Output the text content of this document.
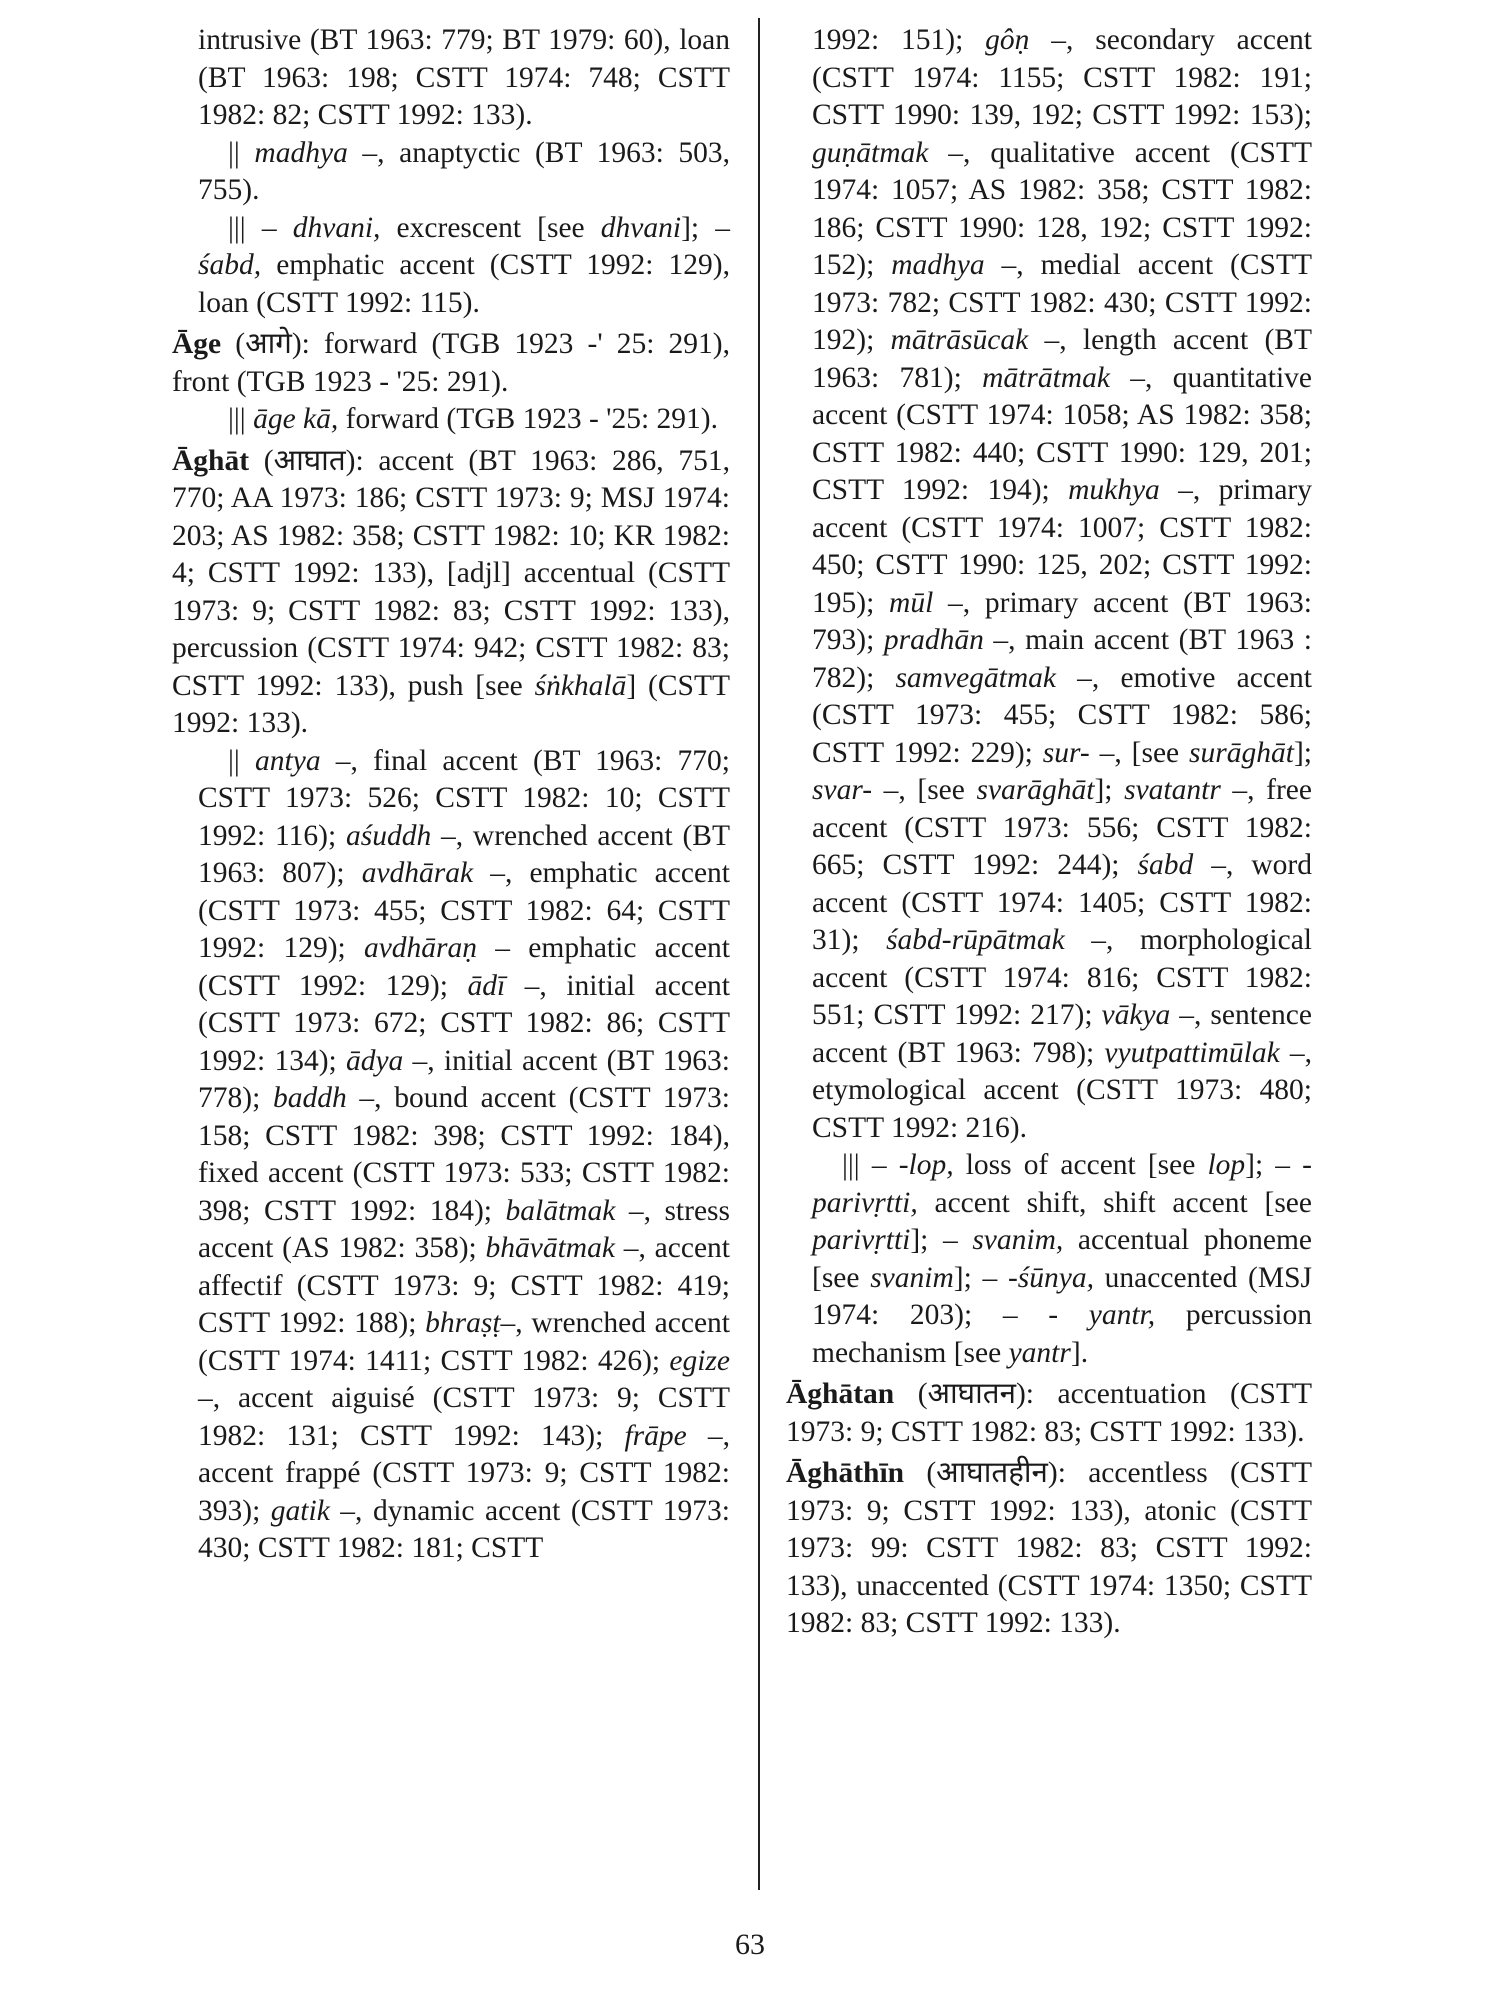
intrusive (BT 1963: 779; BT 1979: 60), loan (BT 1963: 198; CSTT 1974: 748; CSTT 1982: 82; CSTT 1992: 133).

|| madhya –, anaptyctic (BT 1963: 503, 755).

||| – dhvani, excrescent [see dhvani]; –śabd, emphatic accent (CSTT 1992: 129), loan (CSTT 1992: 115).

Āge (आगे): forward (TGB 1923 -' 25: 291), front (TGB 1923 - '25: 291).

||| āge kā, forward (TGB 1923 - '25: 291).

Āghāt (आघात): accent (BT 1963: 286, 751, 770; AA 1973: 186; CSTT 1973: 9; MSJ 1974: 203; AS 1982: 358; CSTT 1982: 10; KR 1982: 4; CSTT 1992: 133), [adjl] accentual (CSTT 1973: 9; CSTT 1982: 83; CSTT 1992: 133), percussion (CSTT 1974: 942; CSTT 1982: 83; CSTT 1992: 133), push [see śṅkhalā] (CSTT 1992: 133).

|| antya –, final accent (BT 1963: 770; CSTT 1973: 526; CSTT 1982: 10; CSTT 1992: 116); aśuddh –, wrenched accent (BT 1963: 807); avdhārak –, emphatic accent (CSTT 1973: 455; CSTT 1982: 64; CSTT 1992: 129); avdhāraṇ – emphatic accent (CSTT 1992: 129); ādī –, initial accent (CSTT 1973: 672; CSTT 1982: 86; CSTT 1992: 134); ādya –, initial accent (BT 1963: 778); baddh –, bound accent (CSTT 1973: 158; CSTT 1982: 398; CSTT 1992: 184), fixed accent (CSTT 1973: 533; CSTT 1982: 398; CSTT 1992: 184); balātmak –, stress accent (AS 1982: 358); bhāvātmak –, accent affectif (CSTT 1973: 9; CSTT 1982: 419; CSTT 1992: 188); bhraṣṭ–, wrenched accent (CSTT 1974: 1411; CSTT 1982: 426); egize –, accent aiguisé (CSTT 1973: 9; CSTT 1982: 131; CSTT 1992: 143); frāpe –, accent frappé (CSTT 1973: 9; CSTT 1982: 393); gatik –, dynamic accent (CSTT 1973: 430; CSTT 1982: 181; CSTT

1992: 151); gôṇ –, secondary accent (CSTT 1974: 1155; CSTT 1982: 191; CSTT 1990: 139, 192; CSTT 1992: 153); guṇātmak –, qualitative accent (CSTT 1974: 1057; AS 1982: 358; CSTT 1982: 186; CSTT 1990: 128, 192; CSTT 1992: 152); madhya –, medial accent (CSTT 1973: 782; CSTT 1982: 430; CSTT 1992: 192); mātrāsūcak –, length accent (BT 1963: 781); mātrātmak –, quantitative accent (CSTT 1974: 1058; AS 1982: 358; CSTT 1982: 440; CSTT 1990: 129, 201; CSTT 1992: 194); mukhya –, primary accent (CSTT 1974: 1007; CSTT 1982: 450; CSTT 1990: 125, 202; CSTT 1992: 195); mūl –, primary accent (BT 1963: 793); pradhān –, main accent (BT 1963 : 782); samvegātmak –, emotive accent (CSTT 1973: 455; CSTT 1982: 586; CSTT 1992: 229); sur- –, [see surāghāt]; svar- –, [see svarāghāt]; svatantr –, free accent (CSTT 1973: 556; CSTT 1982: 665; CSTT 1992: 244); śabd –, word accent (CSTT 1974: 1405; CSTT 1982: 31); śabd-rūpātmak –, morphological accent (CSTT 1974: 816; CSTT 1982: 551; CSTT 1992: 217); vākya –, sentence accent (BT 1963: 798); vyutpattimūlak –, etymological accent (CSTT 1973: 480; CSTT 1992: 216).

||| – -lop, loss of accent [see lop]; – -parivṛtti, accent shift, shift accent [see parivṛtti]; – svanim, accentual phoneme [see svanim]; – -śūnya, unaccented (MSJ 1974: 203); – - yantr, percussion mechanism [see yantr].

Āghātan (आघातन): accentuation (CSTT 1973: 9; CSTT 1982: 83; CSTT 1992: 133).

Āghāthīn (आघातहीन): accentless (CSTT 1973: 9; CSTT 1992: 133), atonic (CSTT 1973: 99: CSTT 1982: 83; CSTT 1992: 133), unaccented (CSTT 1974: 1350; CSTT 1982: 83; CSTT 1992: 133).

63
